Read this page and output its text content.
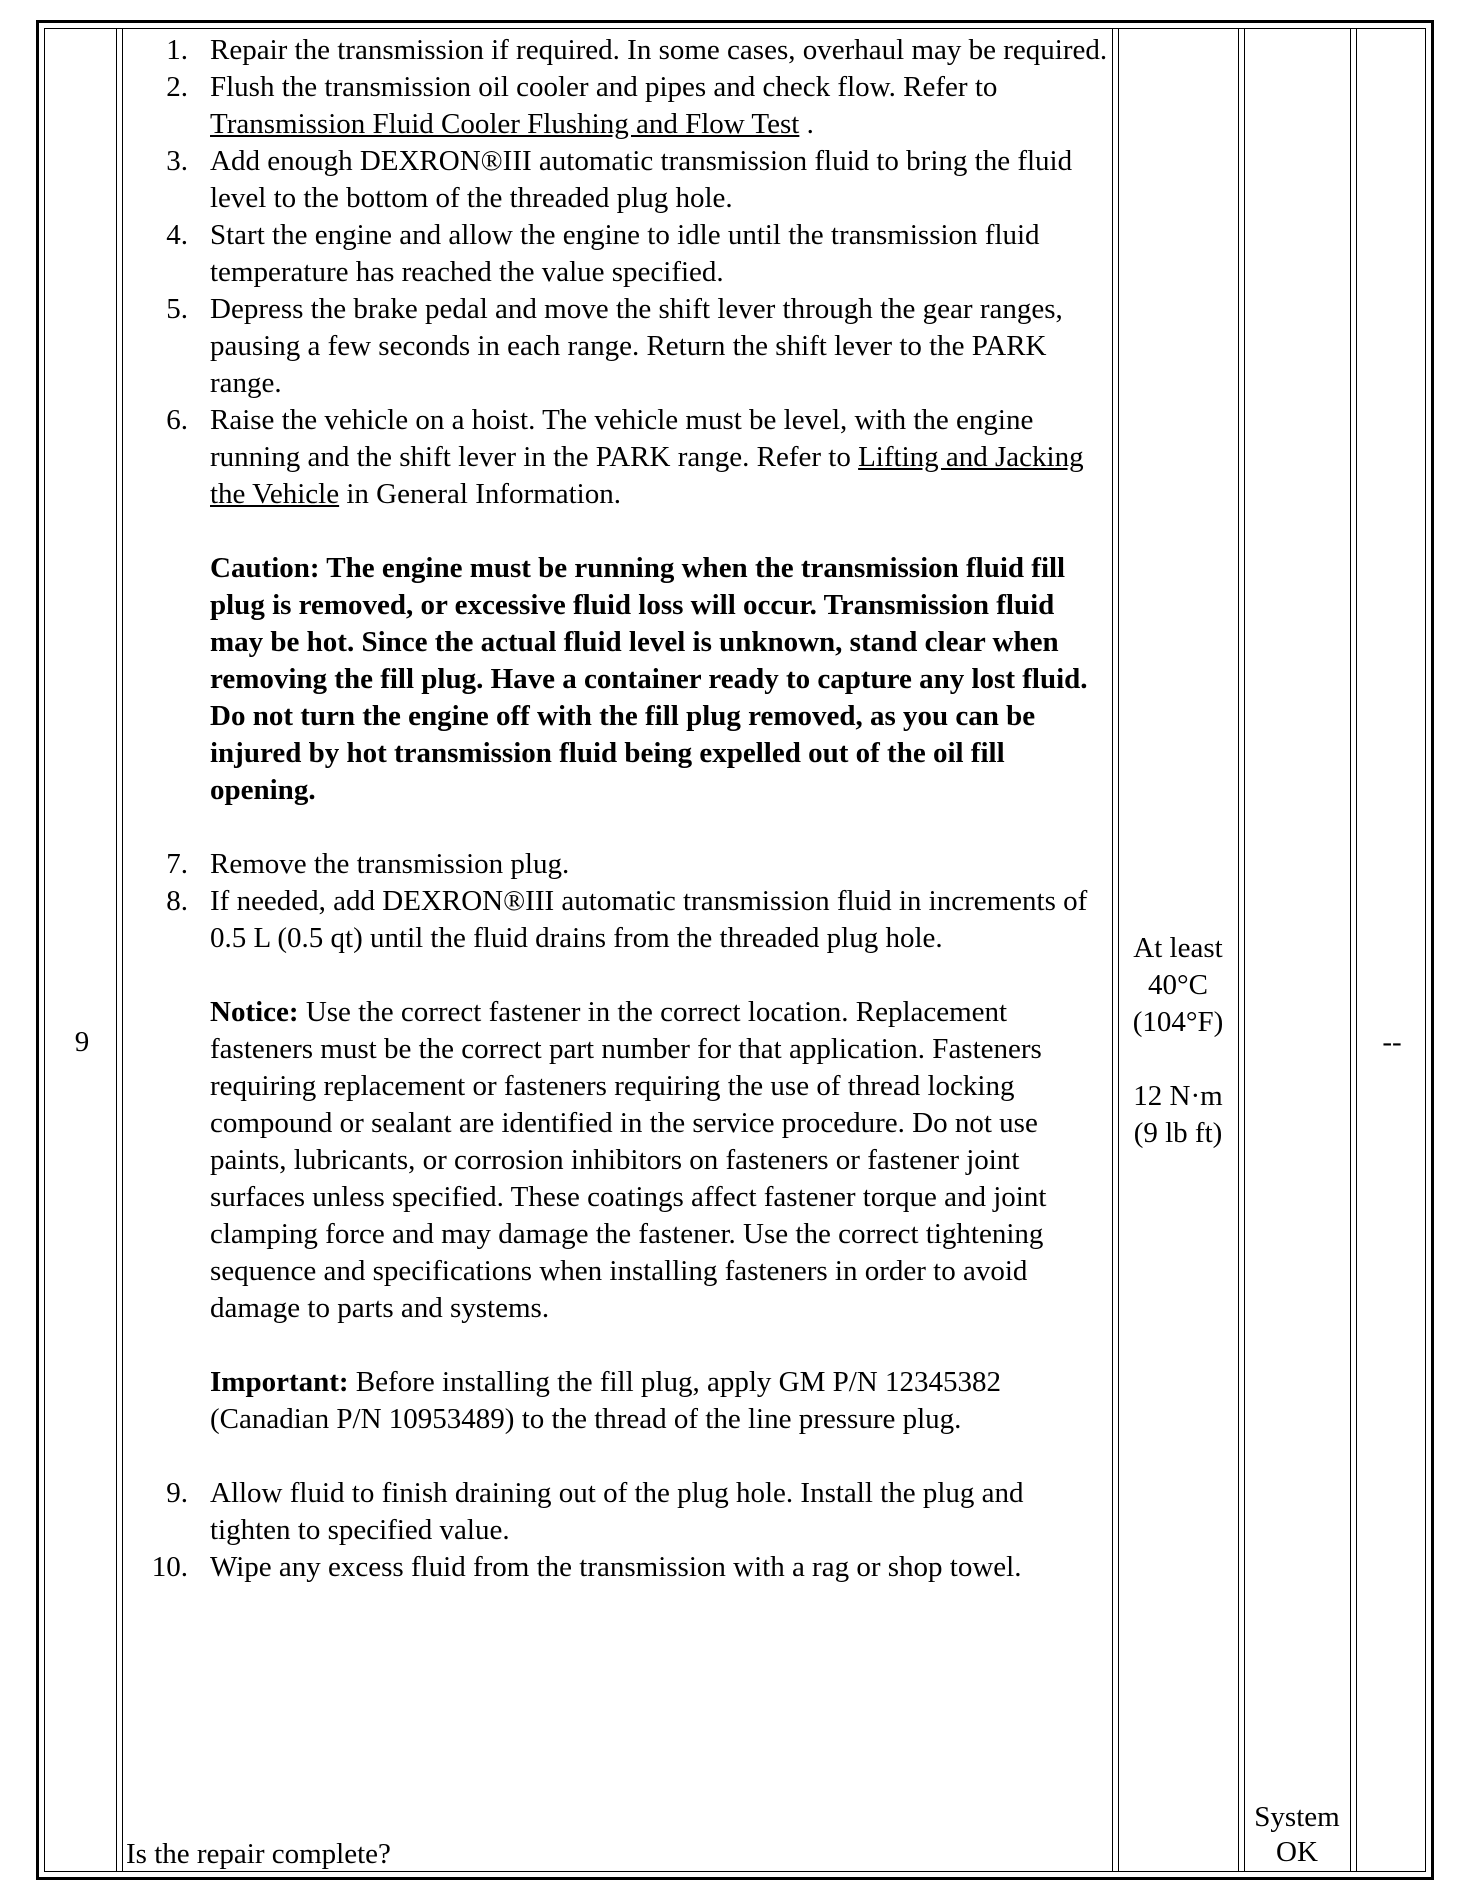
9
1. Repair the transmission if required. In some cases, overhaul may be required.
2. Flush the transmission oil cooler and pipes and check flow. Refer to Transmission Fluid Cooler Flushing and Flow Test .
3. Add enough DEXRON®III automatic transmission fluid to bring the fluid level to the bottom of the threaded plug hole.
4. Start the engine and allow the engine to idle until the transmission fluid temperature has reached the value specified.
5. Depress the brake pedal and move the shift lever through the gear ranges, pausing a few seconds in each range. Return the shift lever to the PARK range.
6. Raise the vehicle on a hoist. The vehicle must be level, with the engine running and the shift lever in the PARK range. Refer to Lifting and Jacking the Vehicle in General Information.
Caution: The engine must be running when the transmission fluid fill plug is removed, or excessive fluid loss will occur. Transmission fluid may be hot. Since the actual fluid level is unknown, stand clear when removing the fill plug. Have a container ready to capture any lost fluid. Do not turn the engine off with the fill plug removed, as you can be injured by hot transmission fluid being expelled out of the oil fill opening.
7. Remove the transmission plug.
8. If needed, add DEXRON®III automatic transmission fluid in increments of 0.5 L (0.5 qt) until the fluid drains from the threaded plug hole.
Notice: Use the correct fastener in the correct location. Replacement fasteners must be the correct part number for that application. Fasteners requiring replacement or fasteners requiring the use of thread locking compound or sealant are identified in the service procedure. Do not use paints, lubricants, or corrosion inhibitors on fasteners or fastener joint surfaces unless specified. These coatings affect fastener torque and joint clamping force and may damage the fastener. Use the correct tightening sequence and specifications when installing fasteners in order to avoid damage to parts and systems.
Important: Before installing the fill plug, apply GM P/N 12345382 (Canadian P/N 10953489) to the thread of the line pressure plug.
9. Allow fluid to finish draining out of the plug hole. Install the plug and tighten to specified value.
10. Wipe any excess fluid from the transmission with a rag or shop towel.
Is the repair complete?
At least
40°C
(104°F)
12 N·m
(9 lb ft)
System OK
--
